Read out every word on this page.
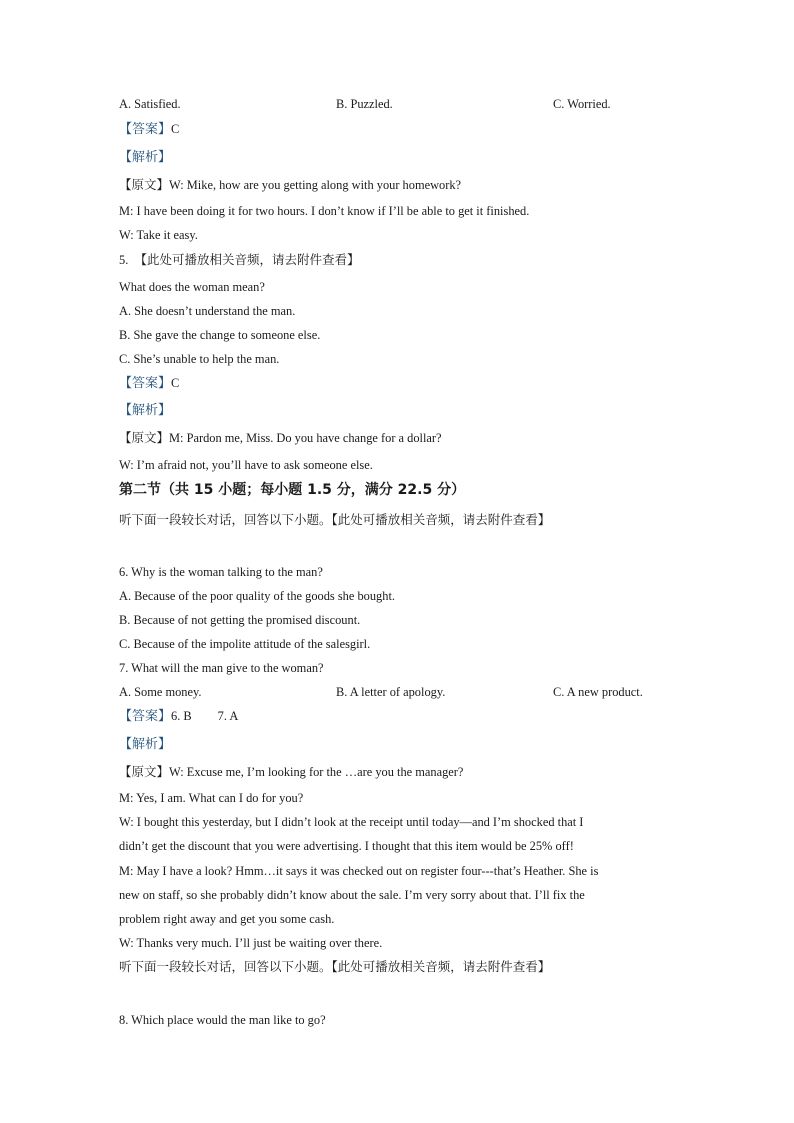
A. Satisfied.	B. Puzzled.	C. Worried.
【答案】C
【解析】
【原文】W: Mike, how are you getting along with your homework?
M: I have been doing it for two hours. I don’t know if I’ll be able to get it finished.
W: Take it easy.
5. 【此处可播放相关音频，请去附件查看】
What does the woman mean?
A. She doesn’t understand the man.
B. She gave the change to someone else.
C. She’s unable to help the man.
【答案】C
【解析】
【原文】M: Pardon me, Miss. Do you have change for a dollar?
W: I’m afraid not, you’ll have to ask someone else.
第二节（共 15 小题；每小题 1.5 分，满分 22.5 分）
听下面一段较长对话，回答以下小题。【此处可播放相关音频，请去附件查看】
6. Why is the woman talking to the man?
A. Because of the poor quality of the goods she bought.
B. Because of not getting the promised discount.
C. Because of the impolite attitude of the salesgirl.
7. What will the man give to the woman?
A. Some money.	B. A letter of apology.	C. A new product.
【答案】6. B 7. A
【解析】
【原文】W: Excuse me, I’m looking for the …are you the manager?
M: Yes, I am. What can I do for you?
W: I bought this yesterday, but I didn’t look at the receipt until today—and I’m shocked that I
didn’t get the discount that you were advertising. I thought that this item would be 25% off!
M: May I have a look? Hmm…it says it was checked out on register four---that’s Heather. She is
new on staff, so she probably didn’t know about the sale. I’m very sorry about that. I’ll fix the
problem right away and get you some cash.
W: Thanks very much. I’ll just be waiting over there.
听下面一段较长对话，回答以下小题。【此处可播放相关音频，请去附件查看】
8. Which place would the man like to go?
